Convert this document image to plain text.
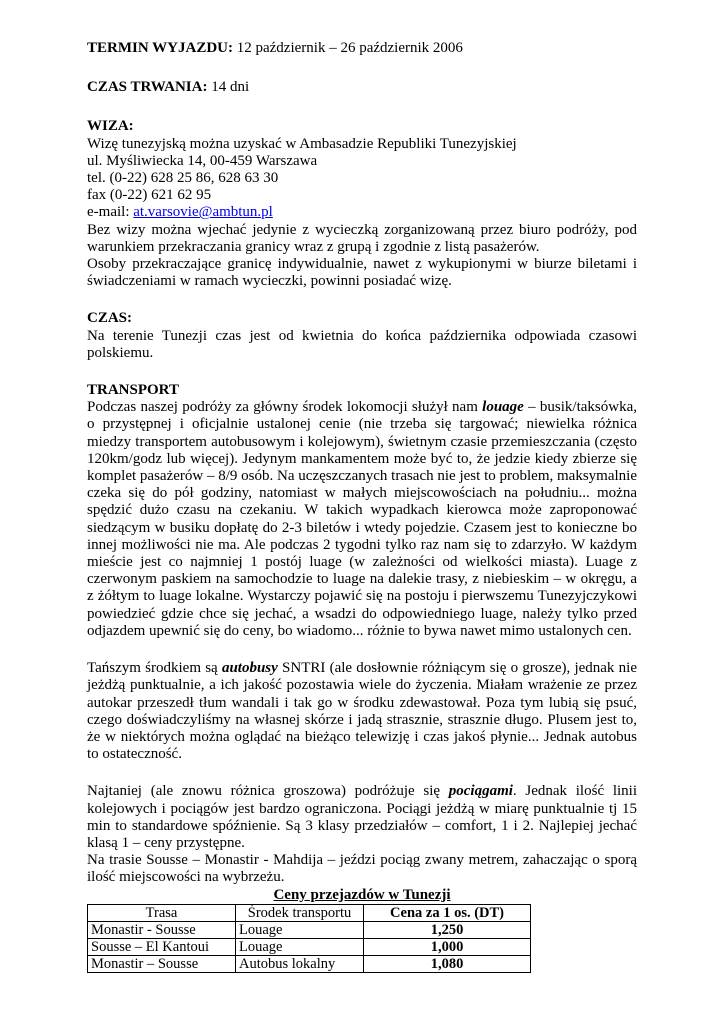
TERMIN WYJAZDU: 12 październik – 26 październik 2006

CZAS TRWANIA: 14 dni

WIZA:

Wizę tunezyjską można uzyskać w Ambasadzie Republiki Tunezyjskiej

ul. Myśliwiecka 14, 00-459 Warszawa

tel. (0-22) 628 25 86, 628 63 30

fax (0-22) 621 62 95

e-mail: at.varsovie@ambtun.pl

Bez wizy można wjechać jedynie z wycieczką zorganizowaną przez biuro podróży, pod warunkiem przekraczania granicy wraz z grupą i zgodnie z listą pasażerów.

Osoby przekraczające granicę indywidualnie, nawet z wykupionymi w biurze biletami i świadczeniami w ramach wycieczki, powinni posiadać wizę.

CZAS:

Na terenie Tunezji czas jest od kwietnia do końca października odpowiada czasowi polskiemu.

TRANSPORT

Podczas naszej podróży za główny środek lokomocji służył nam louage – busik/taksówka, o przystępnej i oficjalnie ustalonej cenie (nie trzeba się targować; niewielka różnica miedzy transportem autobusowym i kolejowym), świetnym czasie przemieszczania (często 120km/godz lub więcej). Jedynym mankamentem może być to, że jedzie kiedy zbierze się komplet pasażerów – 8/9 osób. Na uczęszczanych trasach nie jest to problem, maksymalnie czeka się do pół godziny, natomiast w małych miejscowościach na południu... można spędzić dużo czasu na czekaniu. W takich wypadkach kierowca może zaproponować siedzącym w busiku dopłatę do 2-3 biletów i wtedy pojedzie. Czasem jest to konieczne bo innej możliwości nie ma. Ale podczas 2 tygodni tylko raz nam się to zdarzyło. W każdym mieście jest co najmniej 1 postój luage (w zależności od wielkości miasta). Luage z czerwonym paskiem na samochodzie to luage na dalekie trasy, z niebieskim – w okręgu, a z żółtym to luage lokalne. Wystarczy pojawić się na postoju i pierwszemu Tunezyjczykowi powiedzieć gdzie chce się jechać, a wsadzi do odpowiedniego luage, należy tylko przed odjazdem upewnić się do ceny, bo wiadomo... różnie to bywa nawet mimo ustalonych cen.

Tańszym środkiem są autobusy SNTRI (ale dosłownie różniącym się o grosze), jednak nie jeżdżą punktualnie, a ich jakość pozostawia wiele do życzenia. Miałam wrażenie ze przez autokar przeszedł tłum wandali i tak go w środku zdewastował. Poza tym lubią się psuć, czego doświadczyliśmy na własnej skórze i jadą strasznie, strasznie długo. Plusem jest to, że w niektórych można oglądać na bieżąco telewizję i czas jakoś płynie... Jednak autobus to ostateczność.

Najtaniej (ale znowu różnica groszowa) podróżuje się pociągami. Jednak ilość linii kolejowych i pociągów jest bardzo ograniczona. Pociągi jeżdżą w miarę punktualnie tj 15 min to standardowe spóźnienie. Są 3 klasy przedziałów – comfort, 1 i 2. Najlepiej jechać klasą 1 – ceny przystępne.

Na trasie Sousse – Monastir - Mahdija – jeździ pociąg zwany metrem, zahaczając o sporą ilość miejscowości na wybrzeżu.

Ceny przejazdów w Tunezji

Trasa	Środek transportu	Cena za 1 os. (DT)
Monastir - Sousse	Louage	1,250
Sousse – El Kantoui	Louage	1,000
Monastir – Sousse	Autobus lokalny	1,080
